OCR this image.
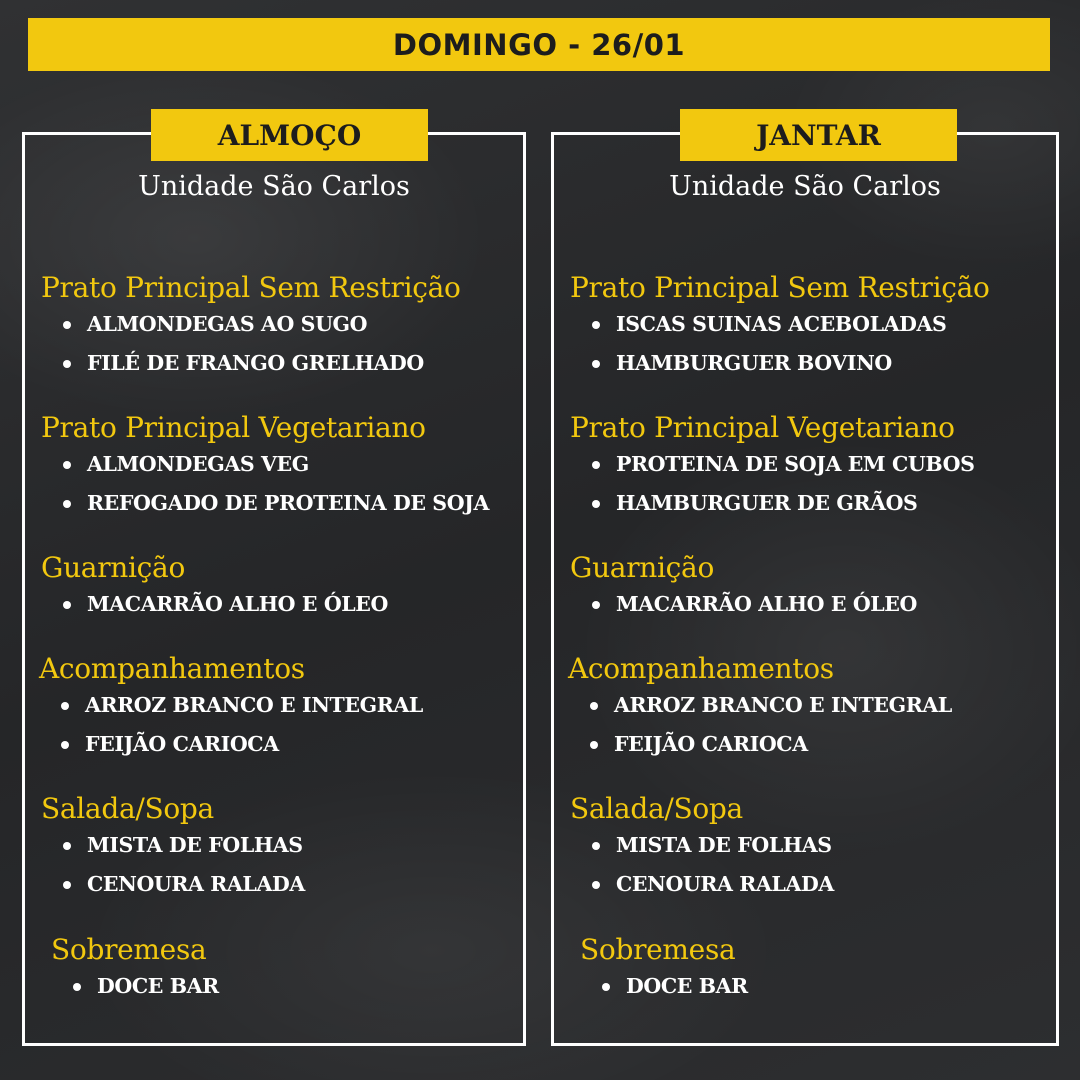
DOMINGO - 26/01
ALMOÇO
Unidade São Carlos
Prato Principal Sem Restrição
ALMONDEGAS AO SUGO
FILÉ DE FRANGO GRELHADO
Prato Principal Vegetariano
ALMONDEGAS VEG
REFOGADO DE PROTEINA DE SOJA
Guarnição
MACARRÃO ALHO E ÓLEO
Acompanhamentos
ARROZ BRANCO E INTEGRAL
FEIJÃO CARIOCA
Salada/Sopa
MISTA DE FOLHAS
CENOURA RALADA
Sobremesa
DOCE BAR
JANTAR
Unidade São Carlos
Prato Principal Sem Restrição
ISCAS SUINAS ACEBOLADAS
HAMBURGUER BOVINO
Prato Principal Vegetariano
PROTEINA DE SOJA EM CUBOS
HAMBURGUER DE GRÃOS
Guarnição
MACARRÃO ALHO E ÓLEO
Acompanhamentos
ARROZ BRANCO E INTEGRAL
FEIJÃO CARIOCA
Salada/Sopa
MISTA DE FOLHAS
CENOURA RALADA
Sobremesa
DOCE BAR
